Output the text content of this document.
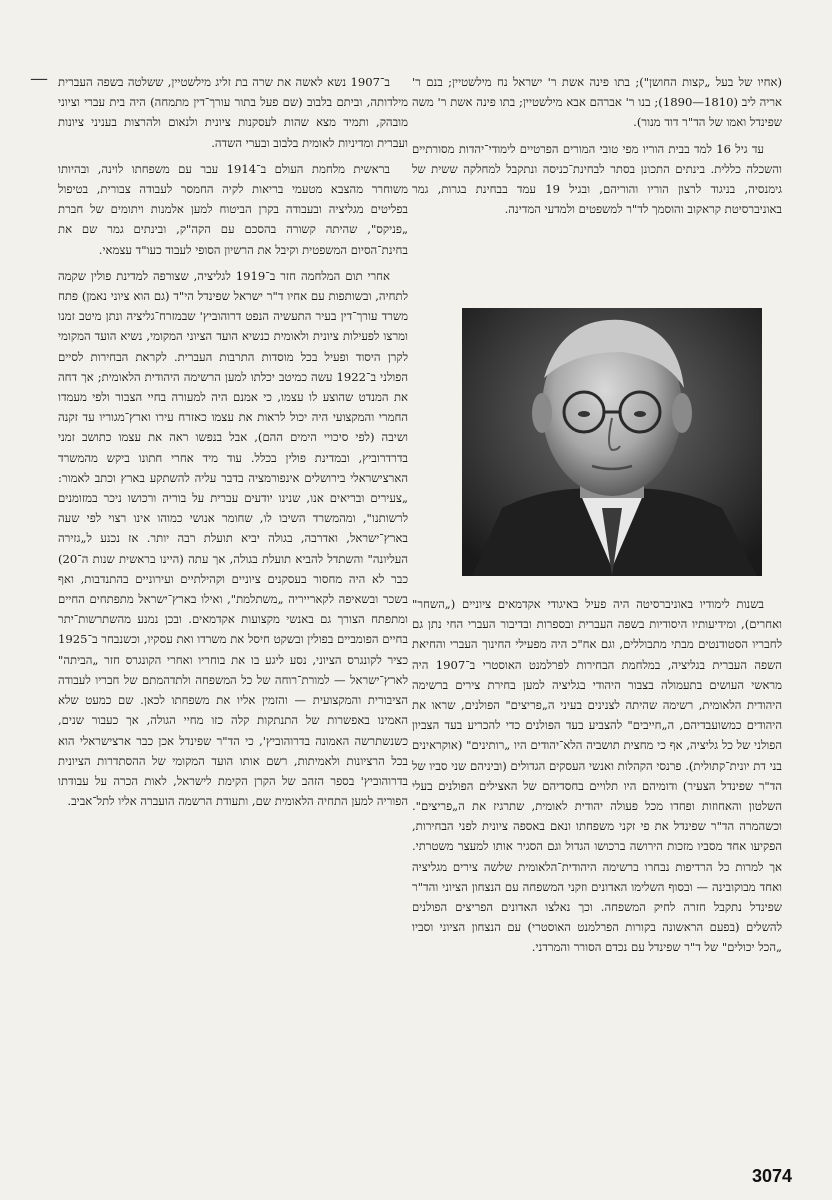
—	(אחיו של בעל „קצות החושן"); בתו פינה אשת ר' ישראל נח מילשטיין; בנם ר' אריה ליב (1810—1890); בנו ר' אברהם אבא מילשטיין; בתו פינה אשת ר' משה שפינדל ואמו של הד"ר דוד מנור).

עד גיל 16 למד בבית הוריו מפי טובי המורים הפרטיים לימודי־יהדות מסורתיים והשכלה כללית. בינתים התכונן בסתר לבחינת־כניסה ונתקבל למחלקה ששית של גימנסיה, בניגוד לרצון הוריו והוריהם, ובגיל 19 עמד בבחינת בגרות, גמר באוניברסיטת קראקוב והוסמך לד"ר למשפטים ולמדעי המדינה.

בשנות לימודיו באוניברסיטה היה פעיל באיגודי אקדמאים ציוניים („השחר" ואחרים), ומידיעותיו היסודיות בשפה העברית ובספרות ובדיבור העברי החי נתן גם לחבריו הסטודנטים מבתי מתבוללים, וגם אח"כ היה מפעילי החינוך העברי והחיאת השפה העברית בגליציה, במלחמת הבחירות לפרלמנט האוסטרי ב־1907 היה מראשי העושים בתעמולה בצבור היהודי בגליציה למען בחירת צירים ברשימה היהודית הלאומית, רשימה שהיתה לצנינים בעיני ה„פריצים" הפולנים, שראו את היהודים כמשועבדיהם, ה„חייבים" להצביע בעד הפולנים כדי להכריע בעד הצביון הפולני של כל גליציה, אף כי מחצית תושביה הלא־יהודים היו „רותינים" (אוקראינים בני דת יונית־קתולית). פרנסי הקהלות ואנשי העסקים הגדולים (וביניהם שני סביו של הד"ר שפינדל הצעיר) ודומיהם היו תלויים בחסדיהם של האצילים הפולנים בעלי השלטון והאחוזות ופחדו מכל פעולה יהודית לאומית, שתרגיז את ה„פריצים". וכשהמרה הד"ר שפינדל את פי זקני משפחתו ונאם באספה ציונית לפני הבחירות, הפקיעו אחד מסביו מזכות הירושה ברכושו הגדול וגם הסגיר אותו למעצר משטרתי. אך למרות כל הרדיפות נבחרו ברשימה היהודית־הלאומית שלשה צירים מגליציה ואחד מבוקובינה — ובסוף השלימו האדונים וזקני המשפחה עם הנצחון הציוני והד"ר שפינדל נתקבל חזרה לחיק המשפחה. וכך נאלצו האדונים הפריצים הפולנים להשלים (בפעם הראשונה בקורות הפרלמנט האוסטרי) עם הנצחון הציוני וסביו „הכל יכולים" של ד"ר שפינדל עם נכדם הסורר והמרדני.

ב־1907 נשא לאשה את שרה בת זליג מילשטיין, ששלטה בשפה העברית מילדותה, וביתם בלבוב (שם פעל בתור עורך־דין מתמחה) היה בית עברי וציוני מובהק, ותמיד מצא שהות לעסקנות ציונית ולנאום ולהרצות בעניני ציונות ועברית ומדיניות לאומית בלבוב ובערי השדה.

בראשית מלחמת העולם ב־1914 עבר עם משפחתו לוינה, ובהיותו משוחרר מהצבא מטעמי בריאות לקיה החמסר לעבודה צבורית, בטיפול בפליטים מגליציה ובעבודה בקרן הביטוח למען אלמנות ויתומים של חברת „פניקס", שהיתה קשורה בהסכם עם הקה"ק, ובינתים גמר שם את בחינת־הסיום המשפטית וקיבל את הרשיון הסופי לעבוד כעו"ד עצמאי.

אחרי תום המלחמה חזר ב־1919 לגליציה, שצורפה למדינת פולין שקמה לתחיה, ובשותפות עם אחיו ד"ר ישראל שפינדל הי"ד (גם הוא ציוני נאמן) פתח משרד עורך־דין בעיר התעשיה הנפט דרוהוביץ' שבמזרח־גליציה ונתן מיטב זמנו ומרצו לפעילות ציונית ולאומית כנשיא הועד הציוני המקומי, נשיא הועד המקומי לקרן היסוד ופעיל בכל מוסדות התרבות העברית. לקראת הבחירות לסיים הפולני ב־1922 עשה כמיטב יכלתו למען הרשימה היהודית הלאומית; אך דחה את המנדט שהוצע לו עצמו, כי אמנם היה למעורה בחיי הצבור ולפי מעמדו החמרי והמקצועי היה יכול לראות את עצמו כאזרח עירו וארץ־מגוריו עד זקנה ושיבה (לפי סיכויי הימים ההם), אבל בנפשו ראה את עצמו כתושב זמני בדרדרוביץ, ובמדינת פולין בכלל. עוד מיד אחרי חתונו ביקש מהמשרד הארצישראלי בירושלים אינפורמציה בדבר עליה להשתקע בארץ וכתב לאמור: „צעירים ובריאים אנו, שנינו יודעים עברית על בוריה ורכושו ניכר במזומנים לרשותנו", ומהמשרד השיבו לו, שחומר אנושי כמוהו אינו רצוי לפי שעה בארץ־ישראל, ואדרבה, בגולה יביא תועלת רבה יותר. אז נכנע ל„גזירה העליונה" והשתדל להביא תועלת בגולה, אך עתה (היינו בראשית שנות ה־20) כבר לא היה מחסור בעסקנים ציוניים וקהילתיים ועירוניים בהתנדבות, ואף בשכר ובשאיפה לקארייריה „משתלמת", ואילו בארץ־ישראל מתפתחים החיים ומתפתח הצורך גם באנשי מקצועות אקדמאים. ובכן נמנע מהשתרשות־יתר בחיים הפומביים בפולין ובשקט חיסל את משרדו ואת עסקיו, וכשנבחר ב־1925 כציר לקונגרס הציוני, נסע ליגע בו את בוחריו ואחרי הקונגרס חזר „הביתה" לארץ־ישראל — למורת־רוחה של כל המשפחה ולתדהמתם של חבריו לעבודה הציבורית והמקצועית — והזמין אליו את משפחתו לכאן. שם כמעט שלא האמינו באפשרות של התנתקות קלה כזו מחיי הגולה, אך כעבור שנים, כשנשתרשה האמונה בדרוהוביץ', כי הד"ר שפינדל אכן כבר ארצישראלי הוא בכל הרציונות ולאמיתות, רשם אותו הועד המקומי של ההסתדרות הציונית בדרוהוביץ' בספר הזהב של הקרן הקימת לישראל, לאות הכרה על עבודתו הפוריה למען התחיה הלאומית שם, ותעודת הרשמה הועברה אליו לתל־אביב.

3074
